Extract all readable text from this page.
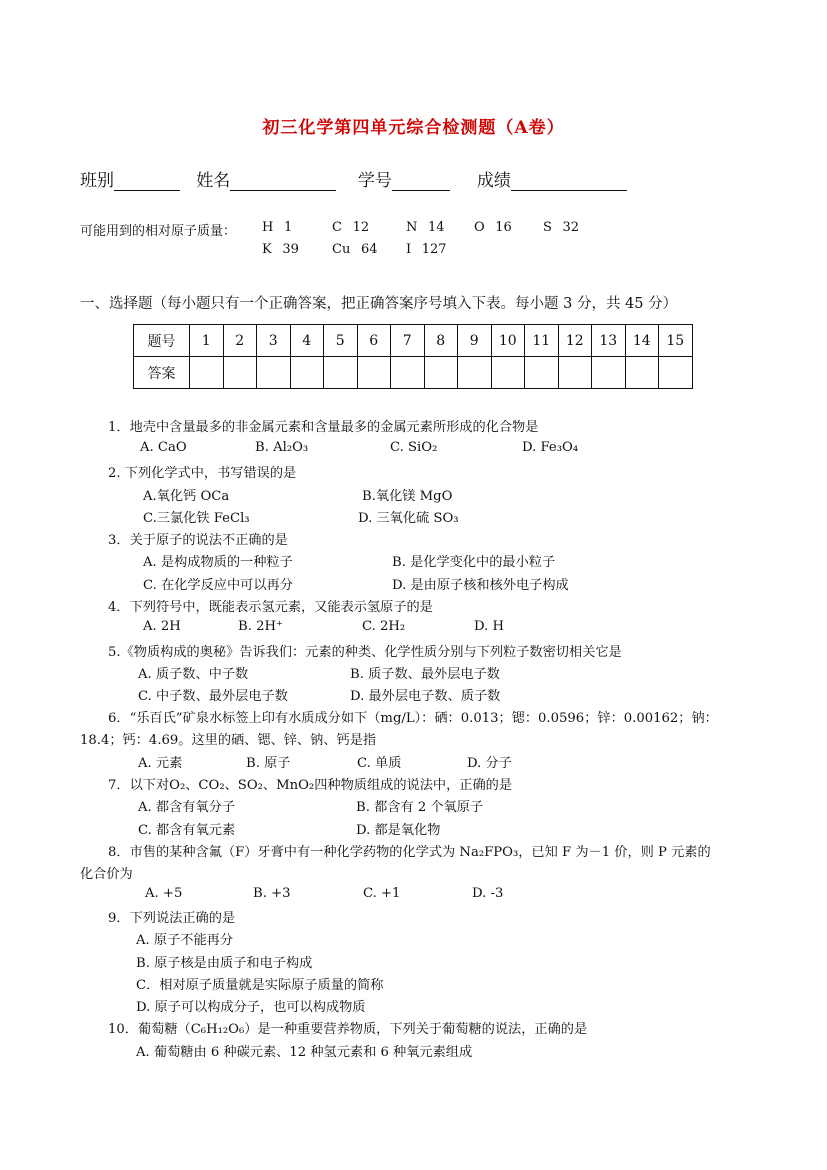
初三化学第四单元综合检测题（A卷）
班别	姓名	学号	成绩
可能用到的相对原子质量： H  1	C  12	N  14 O  16 S  32
K  39	Cu  64 I  127
一、选择题（每小题只有一个正确答案，把正确答案序号填入下表。每小题 3 分，共 45 分）
题号	1	2	3	4	5	6	7	8	9	10	11	12	13	14	15
答案															
1．地壳中含量最多的非金属元素和含量最多的金属元素所形成的化合物是
A. CaO	B. Al₂O₃	C. SiO₂	D. Fe₃O₄
2. 下列化学式中，书写错误的是
A.氧化钙 OCa	B.氧化镁 MgO
C.三氯化铁 FeCl₃	D. 三氧化硫 SO₃
3．关于原子的说法不正确的是
A. 是构成物质的一种粒子	B. 是化学变化中的最小粒子
C. 在化学反应中可以再分	D. 是由原子核和核外电子构成
4．下列符号中，既能表示氢元素，又能表示氢原子的是
A. 2H	B. 2H⁺	C. 2H₂	D. H
5.《物质构成的奥秘》告诉我们：元素的种类、化学性质分别与下列粒子数密切相关它是
A. 质子数、中子数	B. 质子数、最外层电子数
C. 中子数、最外层电子数	D. 最外层电子数、质子数
6．“乐百氏”矿泉水标签上印有水质成分如下（mg/L）：硒：0.013；锶：0.0596；锌：0.00162；钠：
18.4；钙：4.69。这里的硒、锶、锌、钠、钙是指
A. 元素	B. 原子	C. 单质	D. 分子
7．以下对O₂、CO₂、SO₂、MnO₂四种物质组成的说法中，正确的是
A. 都含有氧分子	B. 都含有 2 个氧原子
C. 都含有氧元素	D. 都是氧化物
8．市售的某种含氟（F）牙膏中有一种化学药物的化学式为 Na₂FPO₃，已知 F 为－1 价，则 P 元素的
化合价为
A. +5	B. +3	C. +1	D. -3
9．下列说法正确的是
A. 原子不能再分
B. 原子核是由质子和电子构成
C．相对原子质量就是实际原子质量的简称
D. 原子可以构成分子，也可以构成物质
10．葡萄糖（C₆H₁₂O₆）是一种重要营养物质，下列关于葡萄糖的说法，正确的是
A. 葡萄糖由 6 种碳元素、12 种氢元素和 6 种氧元素组成
